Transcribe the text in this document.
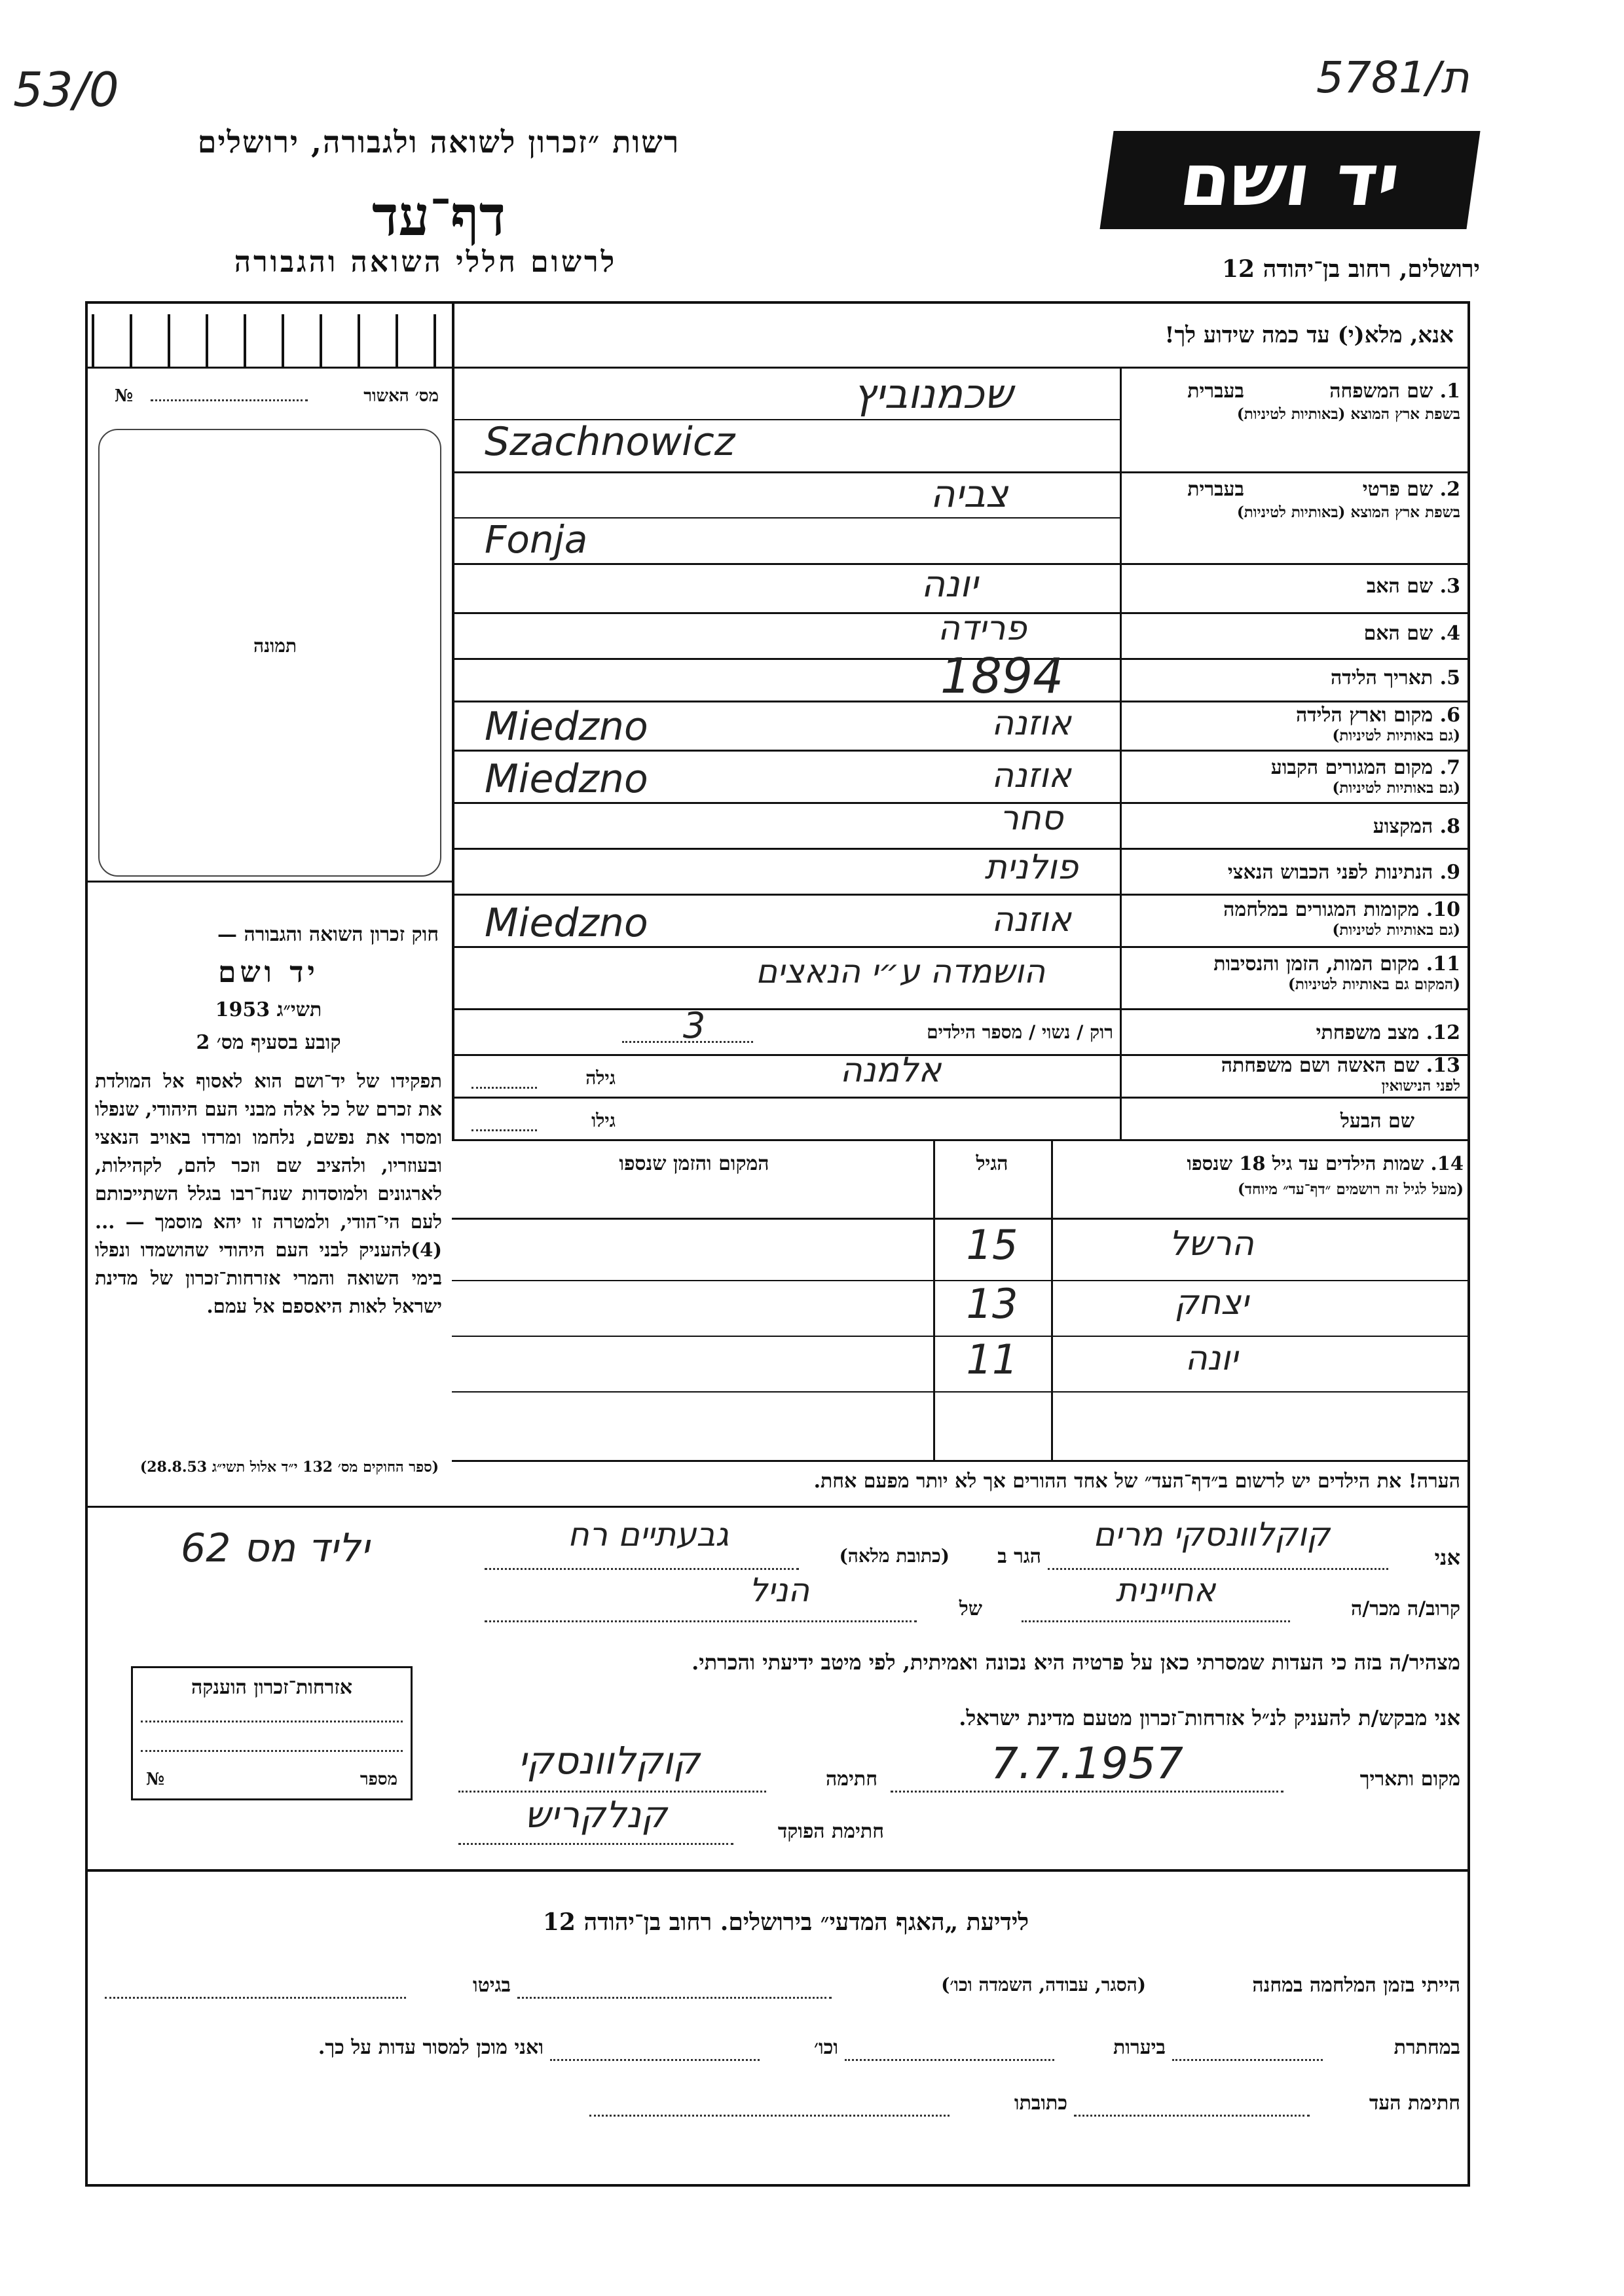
53/0	5ת/781
רשות ״זכרון לשואה ולגבורה, ירושלים
דף־עד
לרשום חללי השואה והגבורה
יד ושם
ירושלים, רחוב בן־יהודה 12
אנא, מלא(י) עד כמה שידוע לך!
מס׳ האשור
№
תמונה
חוק זכרון השואה והגבורה —
יד ושם
1953 תשי״ג
קובע בסעיף מס׳ 2
תפקידו של יד־ושם הוא לאסוף אל המולדת את זכרם של כל אלה מבני העם היהודי, שנפלו ומסרו את נפשם, נלחמו ומרדו באויב הנאצי ובעוזריו, ולהציב שם וזכר להם, לקהילות, לארגונים ולמוסדות שנח־רבו בגלל השתייכותם לעם הי־הודי, ולמטרה זו יהא מוסמך — ...(4)להעניק לבני העם היהודי שהושמדו ונפלו בימי השואה והמרי אזרחות־זכרון של מדינת ישראל לאות היאספם אל עמם.
(ספר החוקים מס׳ 132 י״ד אלול תשי״ג 28.8.53)
1. שם המשפחה
בשפת ארץ המוצא (באותיות לטיניות)
בעברית
שכמנוביץ
Szachnowicz
2. שם פרטי
בשפת ארץ המוצא (באותיות לטיניות)
בעברית
צביה
Fonja
3. שם האב
יונה
4. שם האם
פרידה
5. תאריך הלידה
1894
6. מקום וארץ הלידה
(גם באותיות לטיניות)
אוזנה
Miedzno
7. מקום המגורים הקבוע
(גם באותיות לטיניות)
אוזנה
Miedzno
8. המקצוע
סחר
9. הנתינות לפני הכבוש הנאצי
פולנית
10. מקומות המגורים במלחמה
(גם באותיות לטיניות)
אוזנה
Miedzno
11. מקום המות, הזמן והנסיבות
(המקום גם באותיות לטיניות)
הושמדה ע״י הנאצים
12. מצב משפחתי
רוק / נשוי / מספר הילדים
3
13. שם האשה ושם משפחתה
לפני הנישואין
אלמנה
גילה
שם הבעל
גילו
14. שמות הילדים עד גיל 18 שנספו
(מעל לגיל זה רושמים ״דף־עד״ מיוחד)
הגיל
המקום והזמן שנספו
הרשל
15
יצחק
13
יונה
11
הערה! את הילדים יש לרשום ב״דף־העד״ של אחד ההורים אך לא יותר מפעם אחת.
יליד מס 62	אני
קוקלוונסקי מרים
הגר ב
(כתובת מלאה)
גבעתיים רח
קרוב/ה מכר/ה
אחיינית
של
הניל
מצהיר/ה בזה כי העדות שמסרתי כאן על פרטיה היא נכונה ואמיתית, לפי מיטב ידיעתי והכרתי.
אני מבקש/ת להעניק לנ״ל אזרחות־זכרון מטעם מדינת ישראל.
מקום ותאריך
7.7.1957
חתימה
קוקלוונסקי
חתימת הפוקד
קנלקריש
אזרחות־זכרון הוענקה
מספר
№
לידיעת „האגף המדעי״ בירושלים. רחוב בן־יהודה 12
הייתי בזמן המלחמה במחנה
(הסגר, עבודה, השמדה וכו׳)
בגיטו
במחתרת
ביערות
וכו׳
ואני מוכן למסור עדות על כך.
חתימת העד
כתובתו
